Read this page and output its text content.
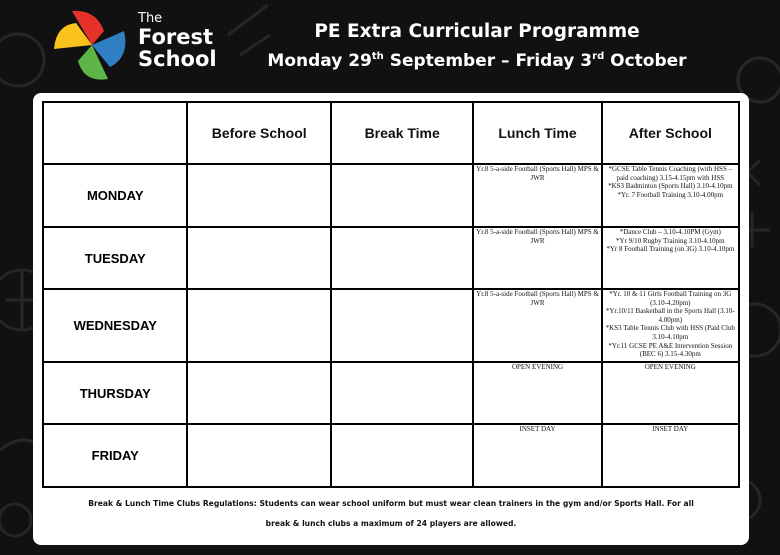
The
Forest
School
PE Extra Curricular Programme
Monday 29th September – Friday 3rd October
	Before School	Break Time	Lunch Time	After School
MONDAY			Yr.8 5-a-side Football (Sports Hall) MPS & JWR	*GCSE Table Tennis Coaching (with HSS – paid coaching) 3.15-4.15pm with HSS
*KS3 Badminton (Sports Hall) 3.10-4.10pm
*Yr. 7 Football Training 3.10-4.00pm

TUESDAY			Yr.8 5-a-side Football (Sports Hall) MPS & JWR	*Dance Club – 3.10-4.10PM (Gym)
*Yr 9/10 Rugby Training 3.10-4.10pm
*Yr 8 Football Training (on 3G) 3.10-4.10pm

WEDNESDAY			Yr.8 5-a-side Football (Sports Hall) MPS & JWR	*Yr. 10 & 11 Girls Football Training on 3G (3.10-4.20pm)
*Yr.10/11 Basketball in the Sports Hall (3.10-4.00pm)
*KS3 Table Tennis Club with HSS (Paid Club 3.10-4.10pm
*Yr.11 GCSE PE A&E Intervention Session (BEC 6) 3.15-4.30pm

THURSDAY			OPEN EVENING	OPEN EVENING

FRIDAY			INSET DAY	INSET DAY
Break & Lunch Time Clubs Regulations: Students can wear school uniform but must wear clean trainers in the gym and/or Sports Hall. For all
break & lunch clubs a maximum of 24 players are allowed.
